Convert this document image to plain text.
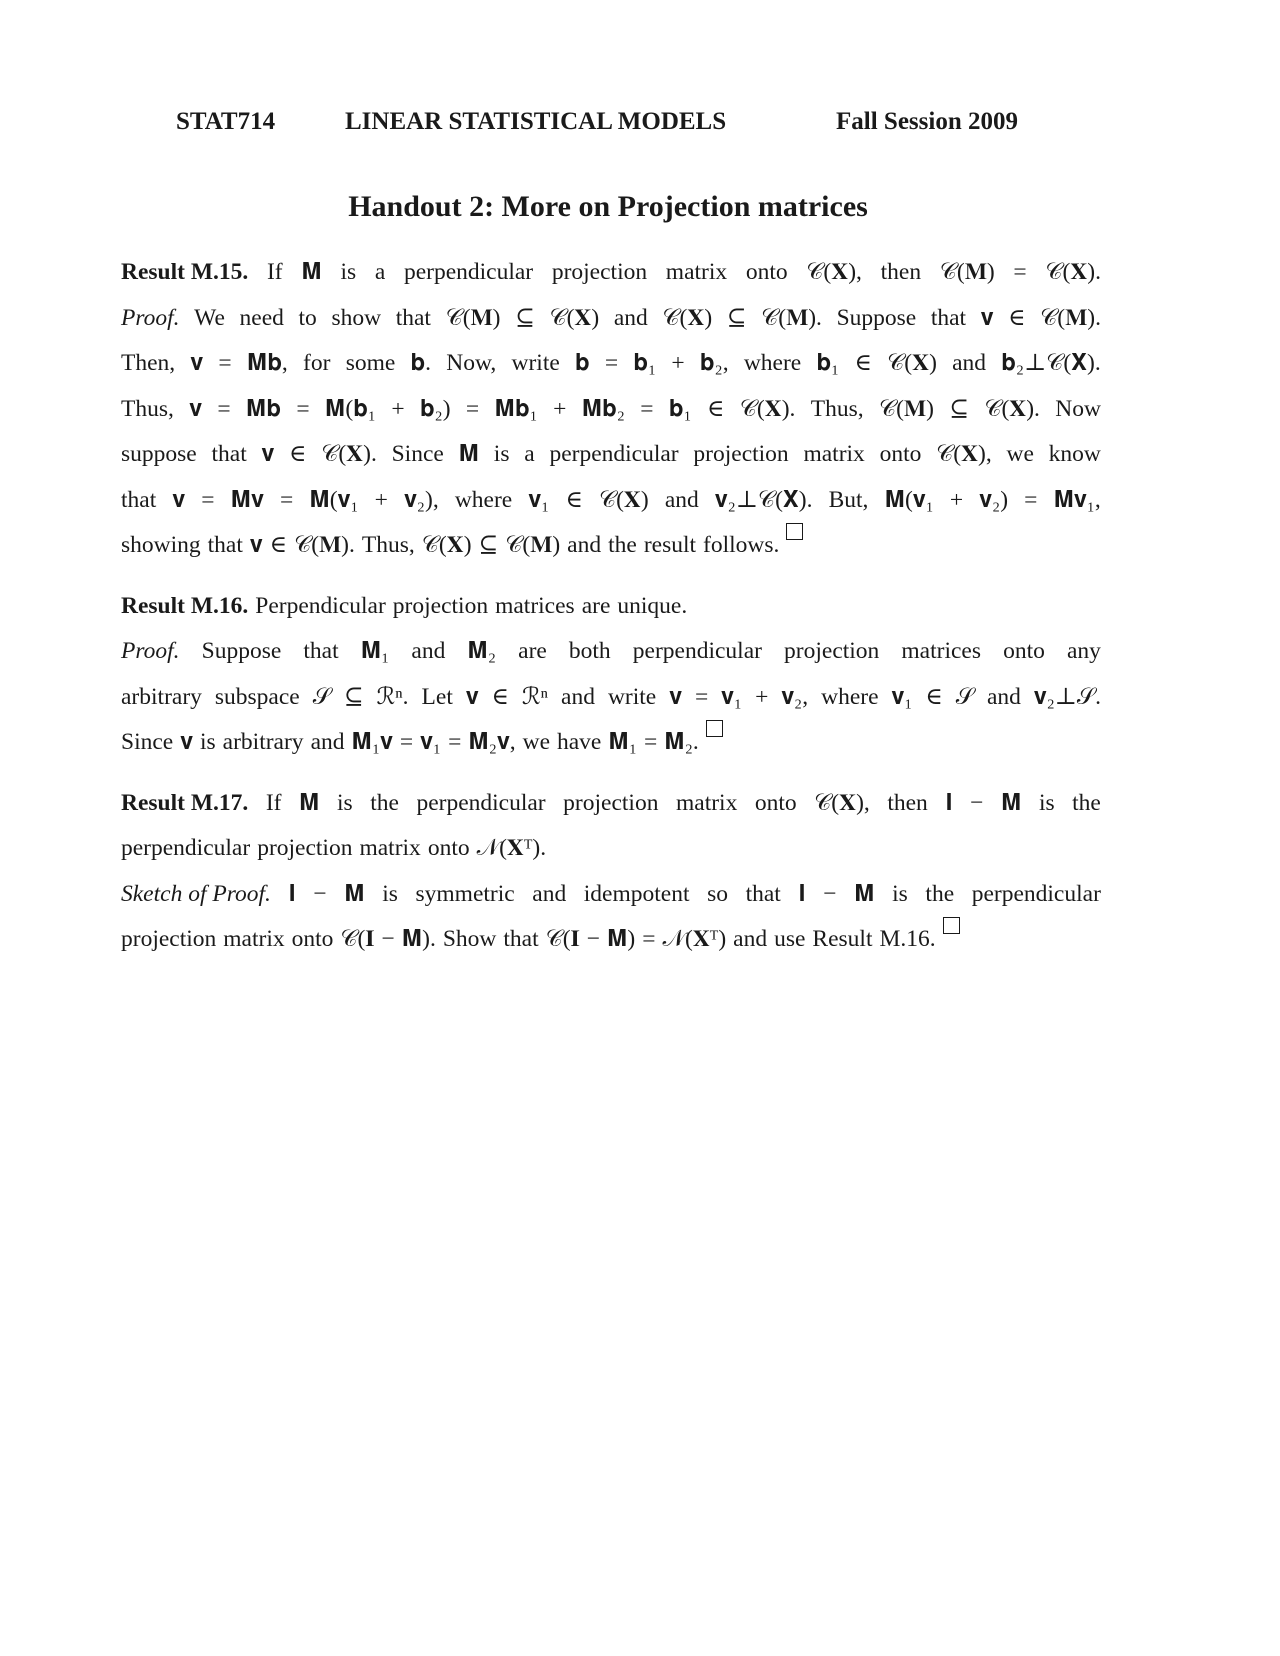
STAT714	LINEAR STATISTICAL MODELS	Fall Session 2009
Handout 2: More on Projection matrices
Result M.15. If 𝐌 is a perpendicular projection matrix onto 𝒞(𝐗), then 𝒞(𝐌) = 𝒞(𝐗).
Proof. We need to show that 𝒞(𝐌) ⊆ 𝒞(𝐗) and 𝒞(𝐗) ⊆ 𝒞(𝐌). Suppose that 𝐯 ∈ 𝒞(𝐌).
Then, 𝐯 = 𝐌𝐛, for some 𝐛. Now, write 𝐛 = 𝐛₁ + 𝐛₂, where 𝐛₁ ∈ 𝒞(𝐗) and 𝐛₂⊥𝒞(𝐗).
Thus, 𝐯 = 𝐌𝐛 = 𝐌(𝐛₁ + 𝐛₂) = 𝐌𝐛₁ + 𝐌𝐛₂ = 𝐛₁ ∈ 𝒞(𝐗). Thus, 𝒞(𝐌) ⊆ 𝒞(𝐗). Now
suppose that 𝐯 ∈ 𝒞(𝐗). Since 𝐌 is a perpendicular projection matrix onto 𝒞(𝐗), we know
that 𝐯 = 𝐌𝐯 = 𝐌(𝐯₁ + 𝐯₂), where 𝐯₁ ∈ 𝒞(𝐗) and 𝐯₂⊥𝒞(𝐗). But, 𝐌(𝐯₁ + 𝐯₂) = 𝐌𝐯₁,
showing that 𝐯 ∈ 𝒞(𝐌). Thus, 𝒞(𝐗) ⊆ 𝒞(𝐌) and the result follows.
Result M.16. Perpendicular projection matrices are unique.
Proof. Suppose that 𝐌₁ and 𝐌₂ are both perpendicular projection matrices onto any
arbitrary subspace 𝒮 ⊆ ℛⁿ. Let 𝐯 ∈ ℛⁿ and write 𝐯 = 𝐯₁ + 𝐯₂, where 𝐯₁ ∈ 𝒮 and 𝐯₂⊥𝒮.
Since 𝐯 is arbitrary and 𝐌₁𝐯 = 𝐯₁ = 𝐌₂𝐯, we have 𝐌₁ = 𝐌₂.
Result M.17. If 𝐌 is the perpendicular projection matrix onto 𝒞(𝐗), then 𝐈 − 𝐌 is the
perpendicular projection matrix onto 𝒩(𝐗ᵀ).
Sketch of Proof. 𝐈 − 𝐌 is symmetric and idempotent so that 𝐈 − 𝐌 is the perpendicular
projection matrix onto 𝒞(𝐈 − 𝐌). Show that 𝒞(𝐈 − 𝐌) = 𝒩(𝐗ᵀ) and use Result M.16.
